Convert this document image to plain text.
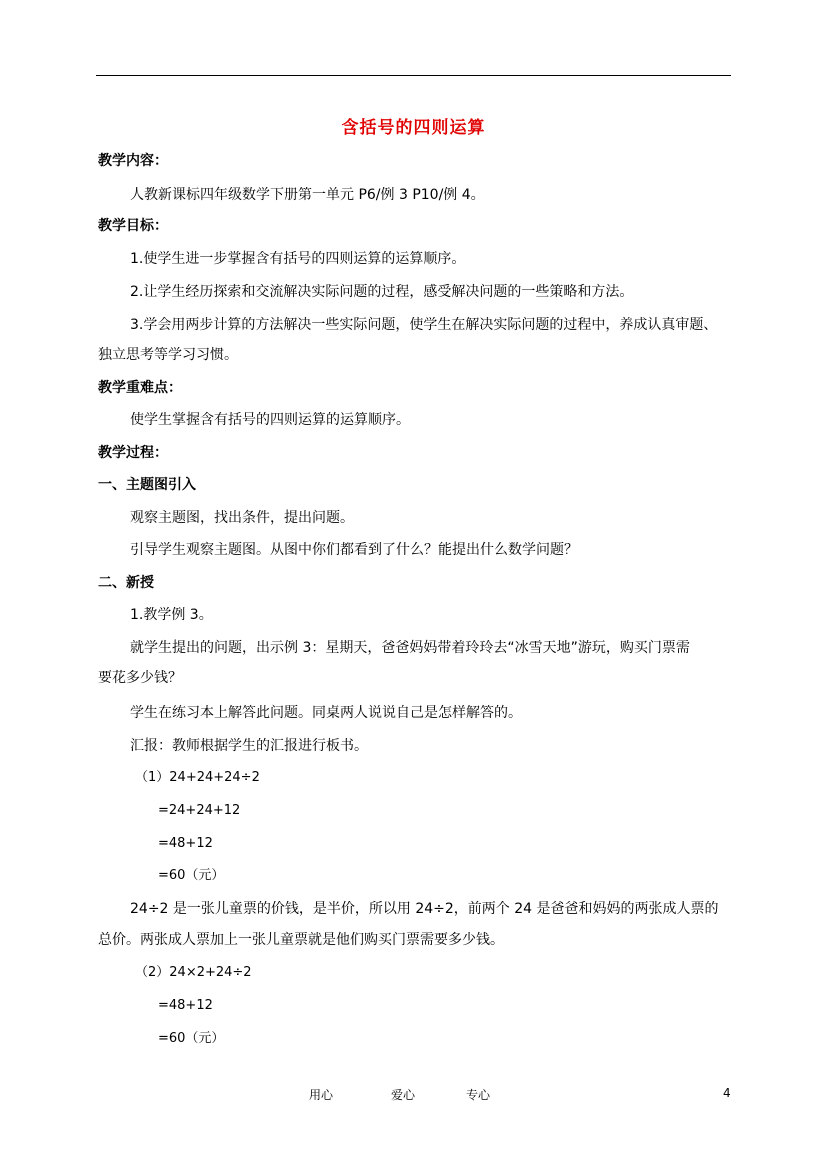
含括号的四则运算
教学内容：
人教新课标四年级数学下册第一单元 P6/例 3 P10/例 4。
教学目标：
1.使学生进一步掌握含有括号的四则运算的运算顺序。
2.让学生经历探索和交流解决实际问题的过程，感受解决问题的一些策略和方法。
3.学会用两步计算的方法解决一些实际问题，使学生在解决实际问题的过程中，养成认真审题、
独立思考等学习习惯。
教学重难点：
使学生掌握含有括号的四则运算的运算顺序。
教学过程：
一、主题图引入
观察主题图，找出条件，提出问题。
引导学生观察主题图。从图中你们都看到了什么？能提出什么数学问题？
二、新授
1.教学例 3。
就学生提出的问题，出示例 3：星期天，爸爸妈妈带着玲玲去“冰雪天地”游玩，购买门票需
要花多少钱？
学生在练习本上解答此问题。同桌两人说说自己是怎样解答的。
汇报：教师根据学生的汇报进行板书。
（1）24+24+24÷2
=24+24+12
=48+12
=60（元）
24÷2 是一张儿童票的价钱，是半价，所以用 24÷2，前两个 24 是爸爸和妈妈的两张成人票的
总价。两张成人票加上一张儿童票就是他们购买门票需要多少钱。
（2）24×2+24÷2
=48+12
=60（元）
用心	爱心	专心	4
